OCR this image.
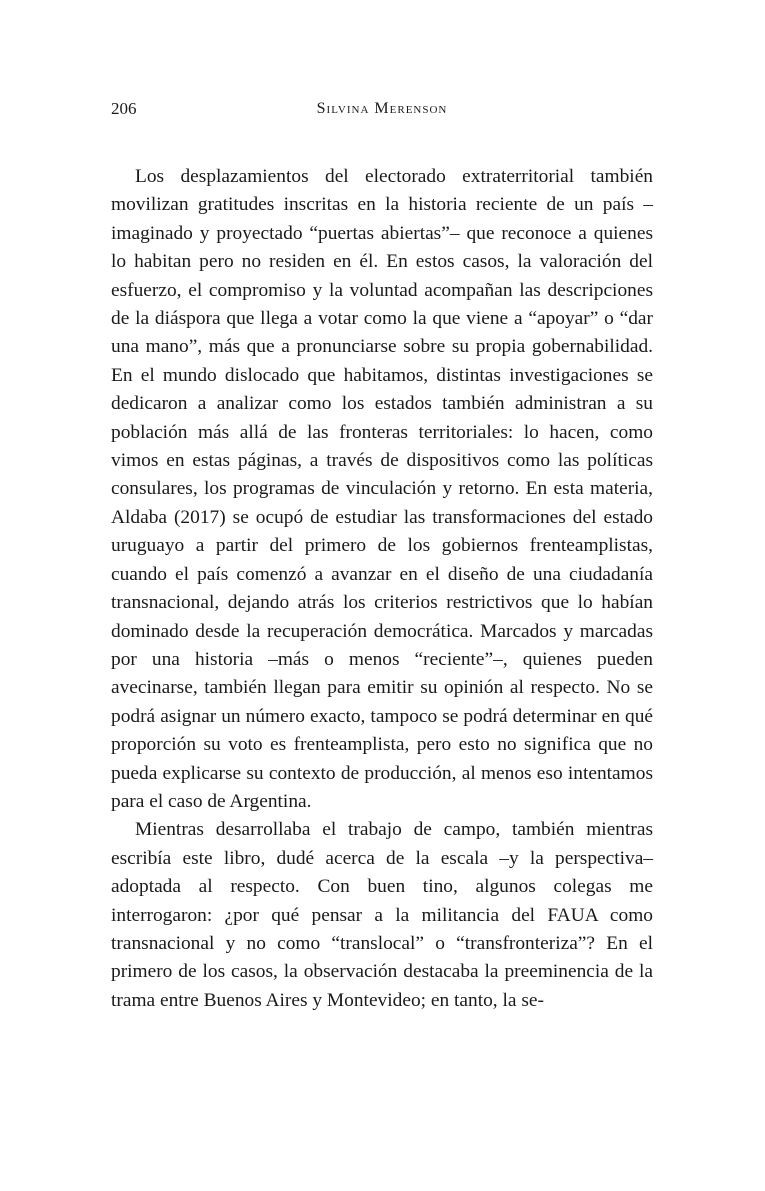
206	Silvina Merenson

Los desplazamientos del electorado extraterritorial también movilizan gratitudes inscritas en la historia reciente de un país –imaginado y proyectado “puertas abiertas”– que reconoce a quienes lo habitan pero no residen en él. En estos casos, la valoración del esfuerzo, el compromiso y la voluntad acompañan las descripciones de la diáspora que llega a votar como la que viene a “apoyar” o “dar una mano”, más que a pronunciarse sobre su propia gobernabilidad. En el mundo dislocado que habitamos, distintas investigaciones se dedicaron a analizar como los estados también administran a su población más allá de las fronteras territoriales: lo hacen, como vimos en estas páginas, a través de dispositivos como las políticas consulares, los programas de vinculación y retorno. En esta materia, Aldaba (2017) se ocupó de estudiar las transformaciones del estado uruguayo a partir del primero de los gobiernos frenteamplistas, cuando el país comenzó a avanzar en el diseño de una ciudadanía transnacional, dejando atrás los criterios restrictivos que lo habían dominado desde la recuperación democrática. Marcados y marcadas por una historia –más o menos “reciente”–, quienes pueden avecinarse, también llegan para emitir su opinión al respecto. No se podrá asignar un número exacto, tampoco se podrá determinar en qué proporción su voto es frenteamplista, pero esto no significa que no pueda explicarse su contexto de producción, al menos eso intentamos para el caso de Argentina.

Mientras desarrollaba el trabajo de campo, también mientras escribía este libro, dudé acerca de la escala –y la perspectiva– adoptada al respecto. Con buen tino, algunos colegas me interrogaron: ¿por qué pensar a la militancia del FAUA como transnacional y no como “translocal” o “transfronteriza”? En el primero de los casos, la observación destacaba la preeminencia de la trama entre Buenos Aires y Montevideo; en tanto, la se-
